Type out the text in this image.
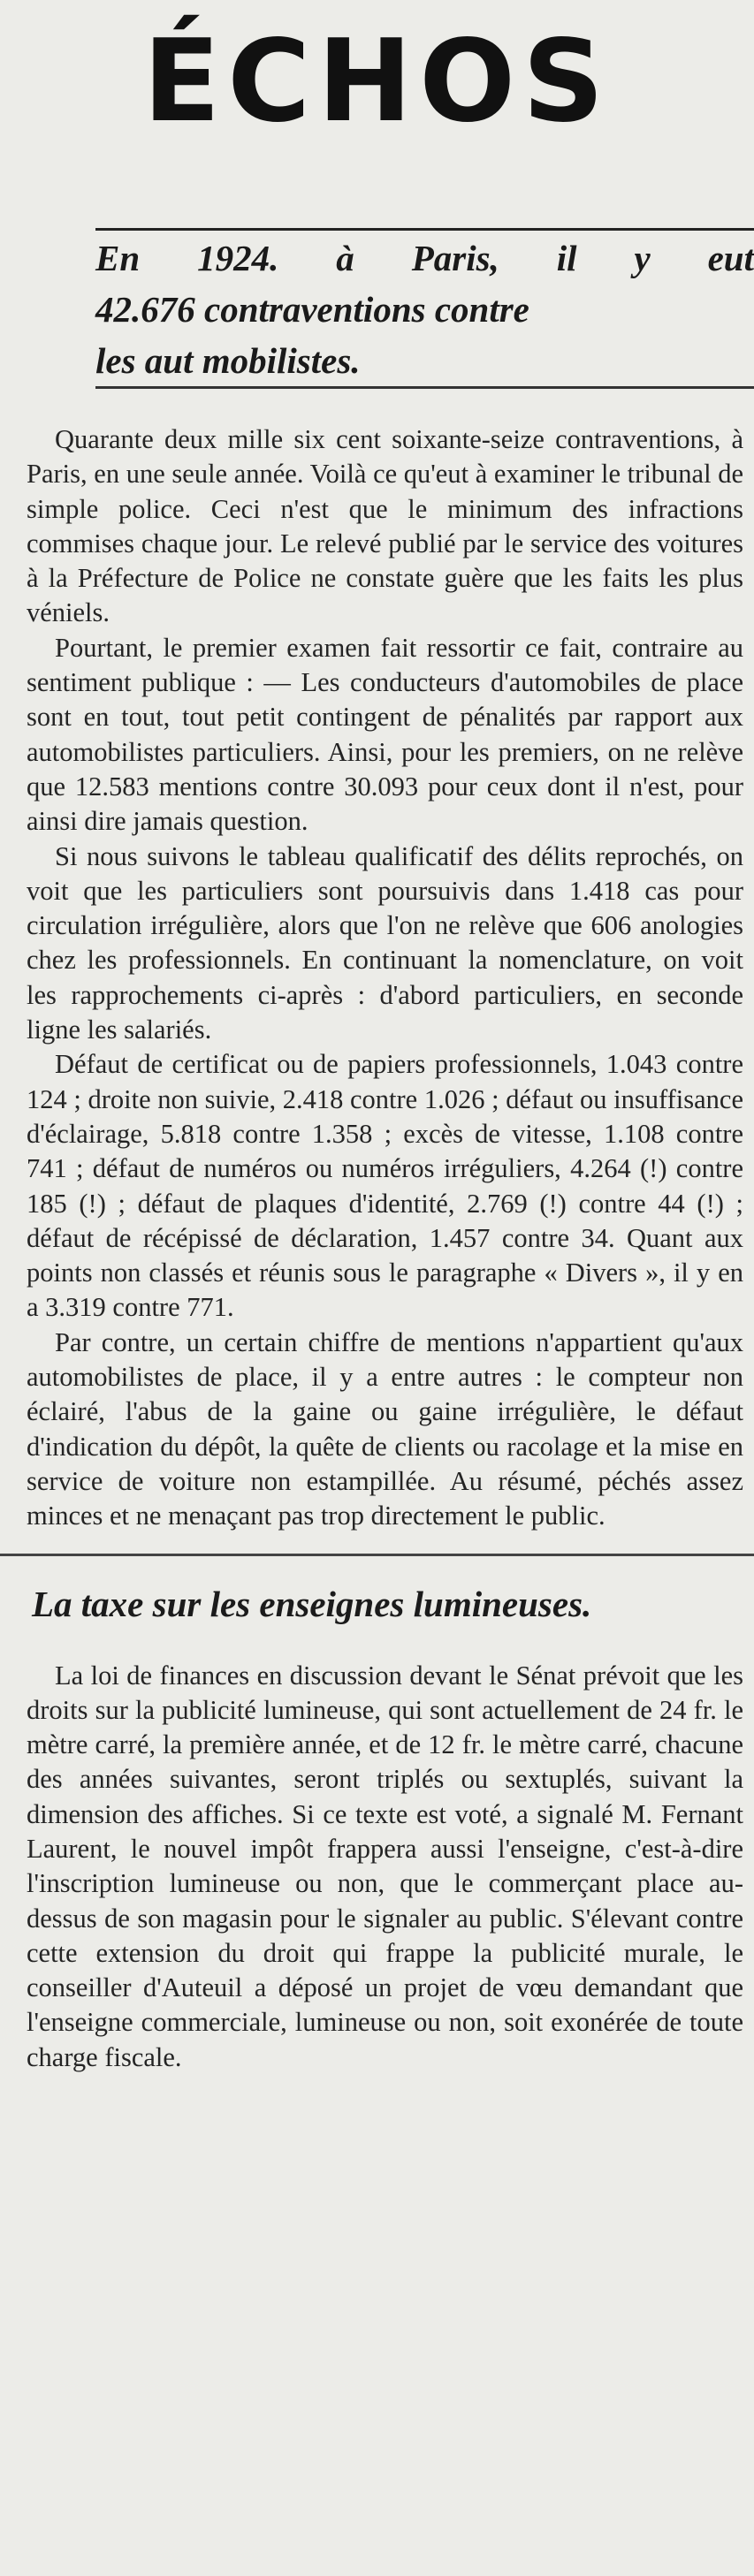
ÉCHOS
En 1924. à Paris, il y eut
42.676 contraventions contre
les aut mobilistes.

Quarante deux mille six cent soixante-seize contraventions, à Paris, en une seule année. Voilà ce qu'eut à examiner le tribunal de simple police. Ceci n'est que le minimum des infractions commises chaque jour. Le relevé publié par le service des voitures à la Préfecture de Police ne constate guère que les faits les plus véniels.

Pourtant, le premier examen fait ressortir ce fait, contraire au sentiment publique : — Les conducteurs d'automobiles de place sont en tout, tout petit contingent de pénalités par rapport aux automobilistes particuliers. Ainsi, pour les premiers, on ne relève que 12.583 mentions contre 30.093 pour ceux dont il n'est, pour ainsi dire jamais question.

Si nous suivons le tableau qualificatif des délits reprochés, on voit que les particuliers sont poursuivis dans 1.418 cas pour circulation irrégulière, alors que l'on ne relève que 606 anologies chez les professionnels. En continuant la nomenclature, on voit les rapprochements ci-après : d'abord particuliers, en seconde ligne les salariés.

Défaut de certificat ou de papiers professionnels, 1.043 contre 124 ; droite non suivie, 2.418 contre 1.026 ; défaut ou insuffisance d'éclairage, 5.818 contre 1.358 ; excès de vitesse, 1.108 contre 741 ; défaut de numéros ou numéros irréguliers, 4.264 (!) contre 185 (!) ; défaut de plaques d'identité, 2.769 (!) contre 44 (!) ; défaut de récépissé de déclaration, 1.457 contre 34. Quant aux points non classés et réunis sous le paragraphe « Divers », il y en a 3.319 contre 771.

Par contre, un certain chiffre de mentions n'appartient qu'aux automobilistes de place, il y a entre autres : le compteur non éclairé, l'abus de la gaine ou gaine irrégulière, le défaut d'indication du dépôt, la quête de clients ou racolage et la mise en service de voiture non estampillée. Au résumé, péchés assez minces et ne menaçant pas trop directement le public.

La taxe sur les enseignes lumineuses.

La loi de finances en discussion devant le Sénat prévoit que les droits sur la publicité lumineuse, qui sont actuellement de 24 fr. le mètre carré, la première année, et de 12 fr. le mètre carré, chacune des années suivantes, seront triplés ou sextuplés, suivant la dimension des affiches. Si ce texte est voté, a signalé M. Fernant Laurent, le nouvel impôt frappera aussi l'enseigne, c'est-à-dire l'inscription lumineuse ou non, que le commerçant place au-dessus de son magasin pour le signaler au public. S'élevant contre cette extension du droit qui frappe la publicité murale, le conseiller d'Auteuil a déposé un projet de vœu demandant que l'enseigne commerciale, lumineuse ou non, soit exonérée de toute charge fiscale.
